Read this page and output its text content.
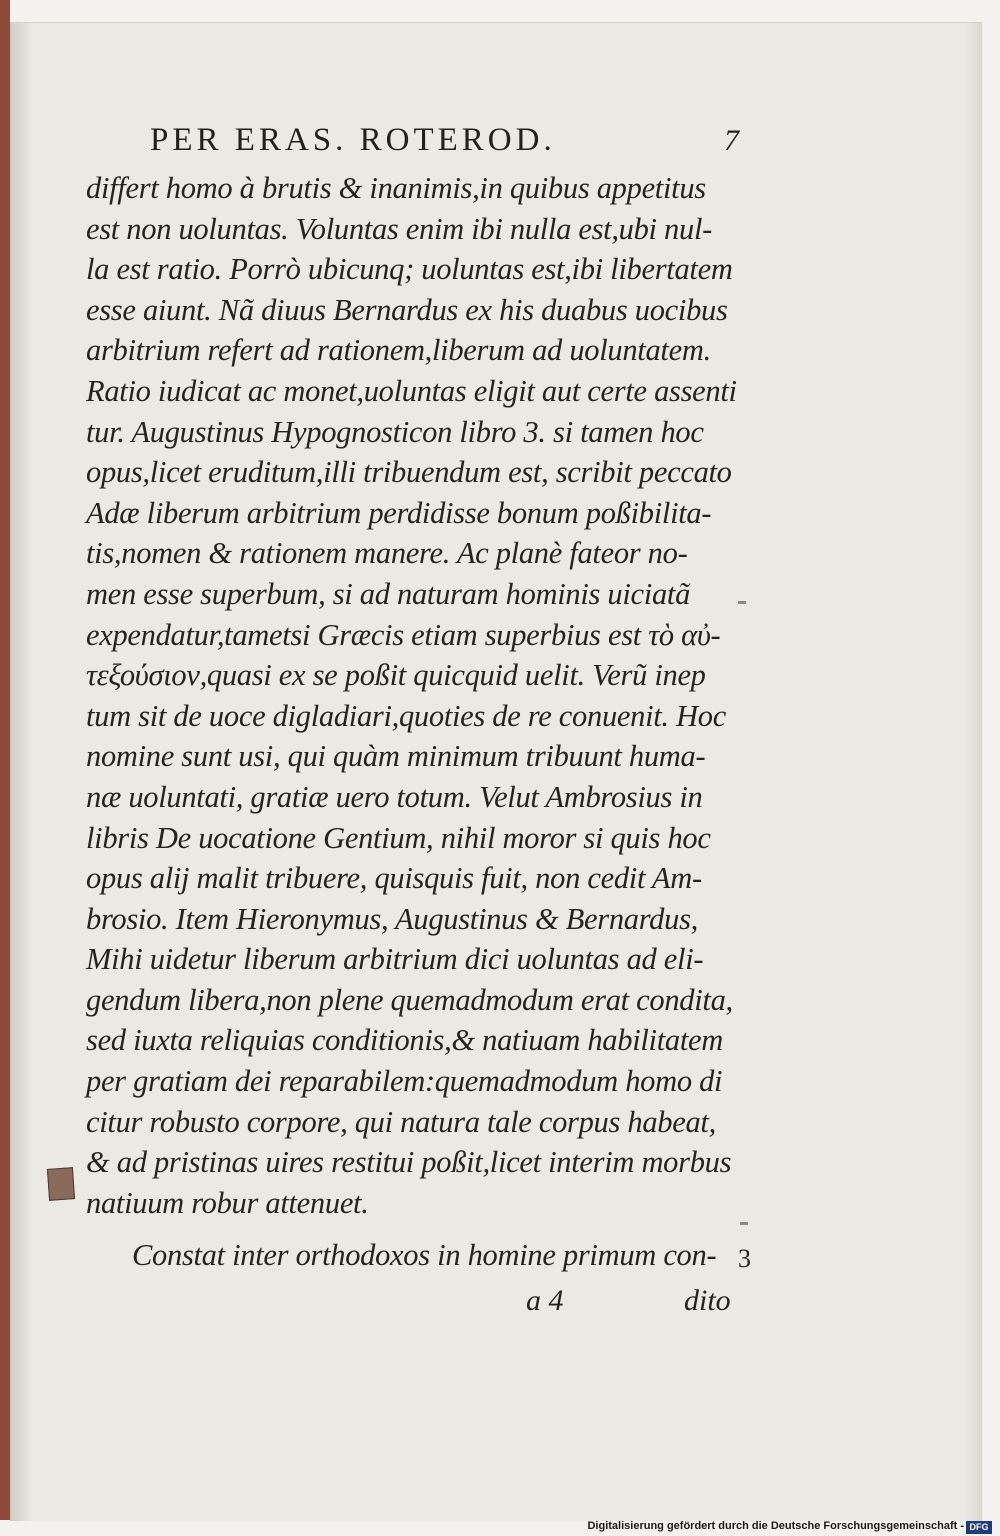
PER ERAS. ROTEROD.	7
differt homo à brutis & inanimis,in quibus appetitus
est non uoluntas. Voluntas enim ibi nulla est,ubi nul-
la est ratio. Porrò ubicunq; uoluntas est,ibi libertatem
esse aiunt. Nã diuus Bernardus ex his duabus uocibus
arbitrium refert ad rationem,liberum ad uoluntatem.
Ratio iudicat ac monet,uoluntas eligit aut certe assenti
tur. Augustinus Hypognosticon libro 3. si tamen hoc
opus,licet eruditum,illi tribuendum est, scribit peccato
Adæ liberum arbitrium perdidisse bonum poßibilita-
tis,nomen & rationem manere. Ac planè fateor no-
men esse superbum, si ad naturam hominis uiciatã
expendatur,tametsi Græcis etiam superbius est τὸ αὐ-
τεξούσιον,quasi ex se poßit quicquid uelit. Verũ inep
tum sit de uoce digladiari,quoties de re conuenit. Hoc
nomine sunt usi, qui quàm minimum tribuunt huma-
næ uoluntati, gratiæ uero totum. Velut Ambrosius in
libris De uocatione Gentium, nihil moror si quis hoc
opus alij malit tribuere, quisquis fuit, non cedit Am-
brosio. Item Hieronymus, Augustinus & Bernardus,
Mihi uidetur liberum arbitrium dici uoluntas ad eli-
gendum libera,non plene quemadmodum erat condita,
sed iuxta reliquias conditionis,& natiuam habilitatem
per gratiam dei reparabilem:quemadmodum homo di
citur robusto corpore, qui natura tale corpus habeat,
& ad pristinas uires restitui poßit,licet interim morbus
natiuum robur attenuet.
Constat inter orthodoxos in homine primum con- 3
a 4	dito
Digitalisierung gefördert durch die Deutsche Forschungsgemeinschaft - DFG
